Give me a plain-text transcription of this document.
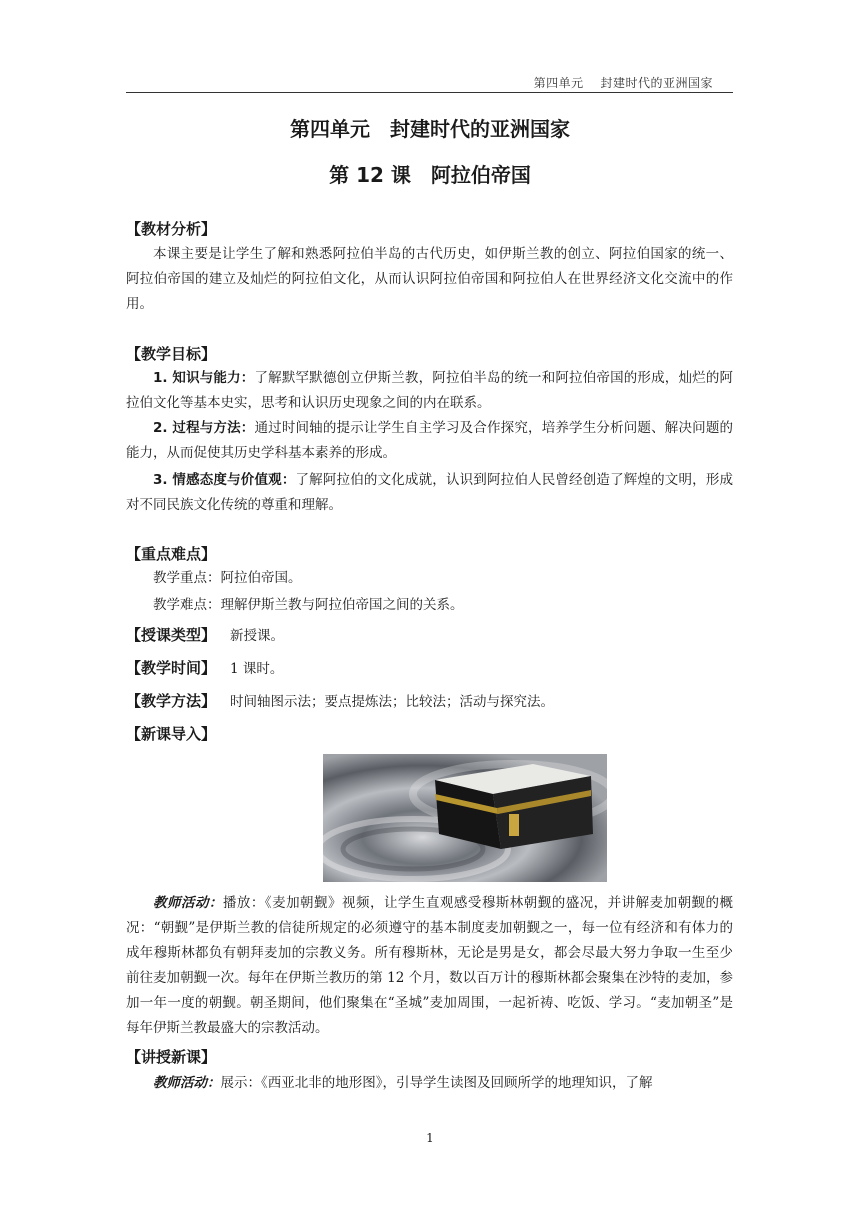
第四单元　 封建时代的亚洲国家
第四单元　封建时代的亚洲国家
第 12 课　阿拉伯帝国
【教材分析】
本课主要是让学生了解和熟悉阿拉伯半岛的古代历史，如伊斯兰教的创立、阿拉伯国家的统一、阿拉伯帝国的建立及灿烂的阿拉伯文化，从而认识阿拉伯帝国和阿拉伯人在世界经济文化交流中的作用。
【教学目标】
1. 知识与能力：了解默罕默德创立伊斯兰教，阿拉伯半岛的统一和阿拉伯帝国的形成，灿烂的阿拉伯文化等基本史实，思考和认识历史现象之间的内在联系。
2. 过程与方法：通过时间轴的提示让学生自主学习及合作探究，培养学生分析问题、解决问题的能力，从而促使其历史学科基本素养的形成。
3. 情感态度与价值观：了解阿拉伯的文化成就，认识到阿拉伯人民曾经创造了辉煌的文明，形成对不同民族文化传统的尊重和理解。
【重点难点】
教学重点：阿拉伯帝国。
教学难点：理解伊斯兰教与阿拉伯帝国之间的关系。
【授课类型】 新授课。
【教学时间】 1 课时。
【教学方法】 时间轴图示法；要点提炼法；比较法；活动与探究法。
【新课导入】
教师活动：播放：《麦加朝觐》视频，让学生直观感受穆斯林朝觐的盛况，并讲解麦加朝觐的概况：“朝觐”是伊斯兰教的信徒所规定的必须遵守的基本制度麦加朝觐之一，每一位有经济和有体力的成年穆斯林都负有朝拜麦加的宗教义务。所有穆斯林，无论是男是女，都会尽最大努力争取一生至少前往麦加朝觐一次。每年在伊斯兰教历的第 12 个月，数以百万计的穆斯林都会聚集在沙特的麦加，参加一年一度的朝觐。朝圣期间，他们聚集在“圣城”麦加周围，一起祈祷、吃饭、学习。“麦加朝圣”是每年伊斯兰教最盛大的宗教活动。
【讲授新课】
教师活动：展示：《西亚北非的地形图》，引导学生读图及回顾所学的地理知识，了解
1
